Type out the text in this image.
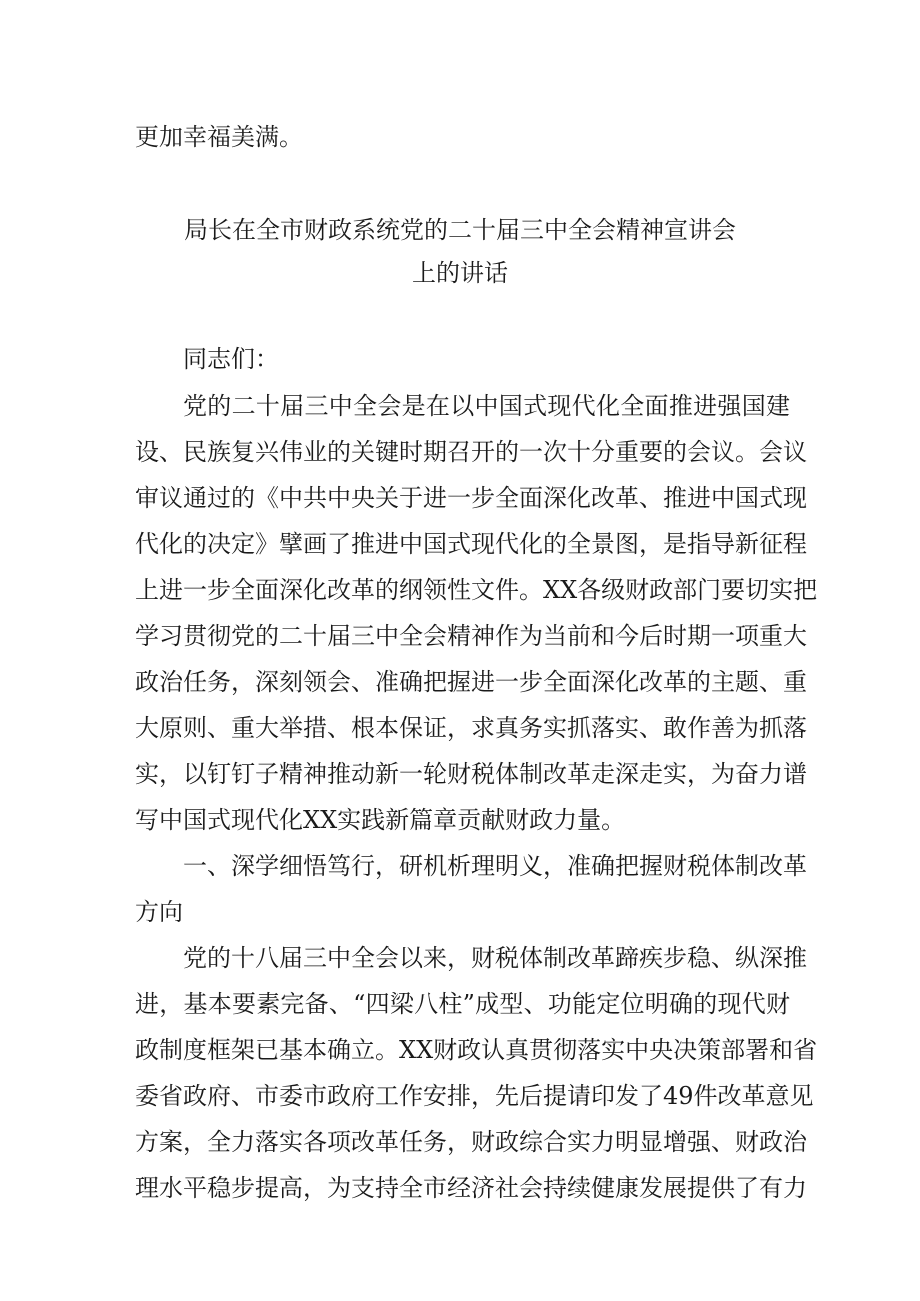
更加幸福美满。
局长在全市财政系统党的二十届三中全会精神宣讲会
上的讲话
同志们：
党的二十届三中全会是在以中国式现代化全面推进强国建
设、民族复兴伟业的关键时期召开的一次十分重要的会议。会议
审议通过的《中共中央关于进一步全面深化改革、推进中国式现
代化的决定》擘画了推进中国式现代化的全景图，是指导新征程
上进一步全面深化改革的纲领性文件。XX各级财政部门要切实把
学习贯彻党的二十届三中全会精神作为当前和今后时期一项重大
政治任务，深刻领会、准确把握进一步全面深化改革的主题、重
大原则、重大举措、根本保证，求真务实抓落实、敢作善为抓落
实，以钉钉子精神推动新一轮财税体制改革走深走实，为奋力谱
写中国式现代化XX实践新篇章贡献财政力量。
一、深学细悟笃行，研机析理明义，准确把握财税体制改革
方向
党的十八届三中全会以来，财税体制改革蹄疾步稳、纵深推
进，基本要素完备、“四梁八柱”成型、功能定位明确的现代财
政制度框架已基本确立。XX财政认真贯彻落实中央决策部署和省
委省政府、市委市政府工作安排，先后提请印发了49件改革意见
方案，全力落实各项改革任务，财政综合实力明显增强、财政治
理水平稳步提高，为支持全市经济社会持续健康发展提供了有力
